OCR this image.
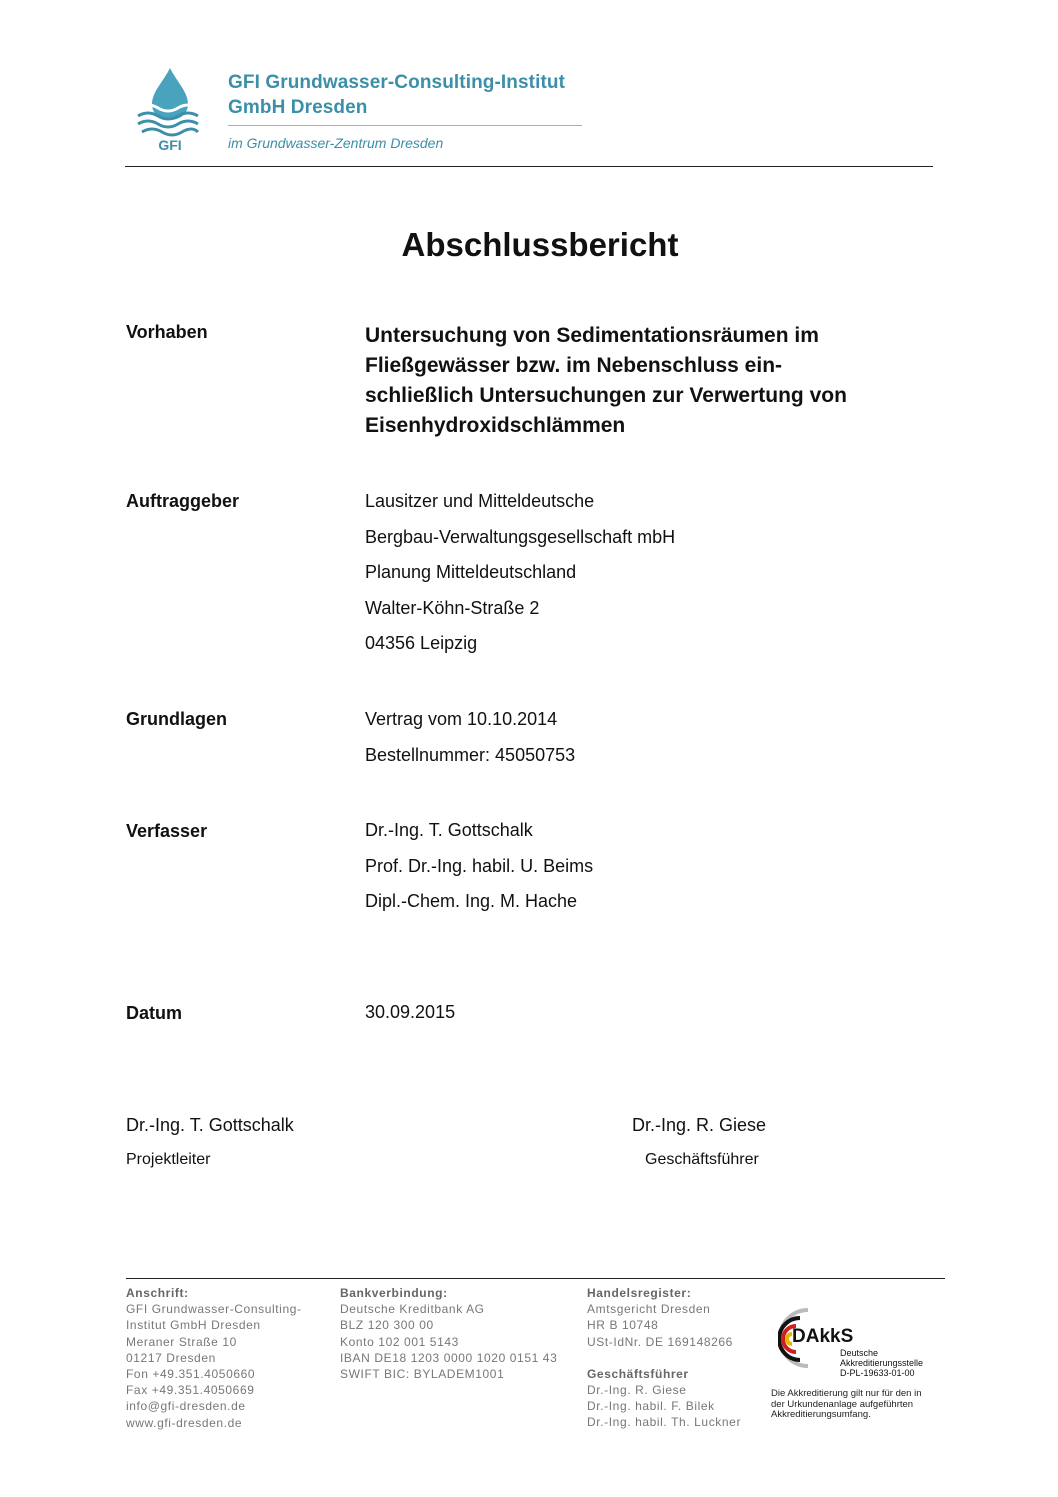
GFI
GFI Grundwasser-Consulting-Institut
GmbH Dresden
im Grundwasser-Zentrum Dresden
Abschlussbericht
Vorhaben	Untersuchung von Sedimentationsräumen im
Fließgewässer bzw. im Nebenschluss ein-
schließlich Untersuchungen zur Verwertung von
Eisenhydroxidschlämmen
Auftraggeber	Lausitzer und Mitteldeutsche
Bergbau-Verwaltungsgesellschaft mbH
Planung Mitteldeutschland
Walter-Köhn-Straße 2
04356 Leipzig
Grundlagen	Vertrag vom 10.10.2014
Bestellnummer: 45050753
Verfasser	Dr.-Ing. T. Gottschalk
Prof. Dr.-Ing. habil. U. Beims
Dipl.-Chem. Ing. M. Hache
Datum	30.09.2015
Dr.-Ing. T. Gottschalk
Projektleiter
Dr.-Ing. R. Giese
Geschäftsführer
Anschrift:
GFI Grundwasser-Consulting-
Institut GmbH Dresden
Meraner Straße 10
01217 Dresden
Fon +49.351.4050660
Fax +49.351.4050669
info@gfi-dresden.de
www.gfi-dresden.de
Bankverbindung:
Deutsche Kreditbank AG
BLZ 120 300 00
Konto 102 001 5143
IBAN DE18 1203 0000 1020 0151 43
SWIFT BIC: BYLADEM1001
Handelsregister:
Amtsgericht Dresden
HR B 10748
USt-IdNr. DE 169148266
Geschäftsführer
Dr.-Ing. R. Giese
Dr.-Ing. habil. F. Bilek
Dr.-Ing. habil. Th. Luckner
DAkkS
Deutsche
Akkreditierungsstelle
D-PL-19633-01-00
Die Akkreditierung gilt nur für den in
der Urkundenanlage aufgeführten
Akkreditierungsumfang.
